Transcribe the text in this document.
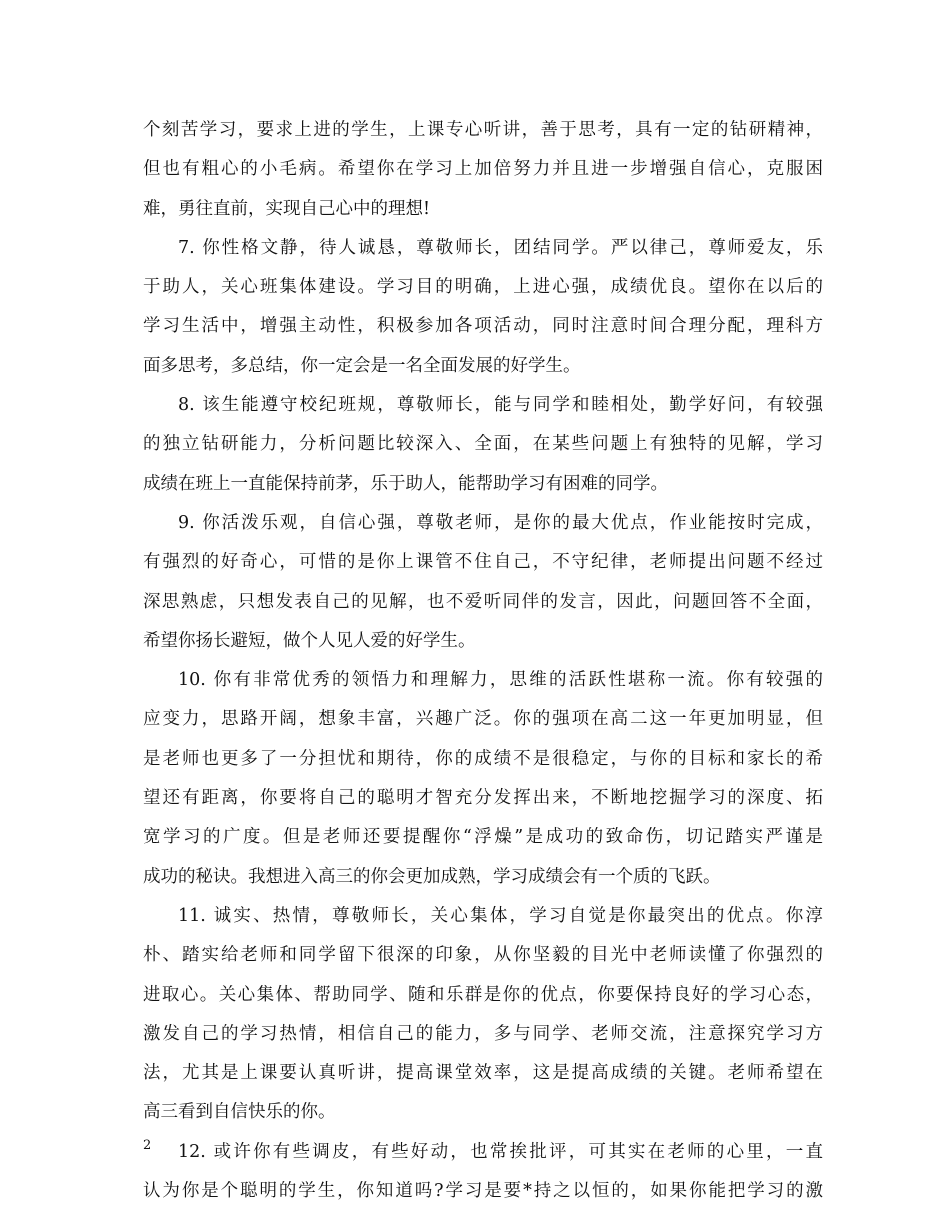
个刻苦学习，要求上进的学生，上课专心听讲，善于思考，具有一定的钻研精神，
但也有粗心的小毛病。希望你在学习上加倍努力并且进一步增强自信心，克服困
难，勇往直前，实现自己心中的理想!
7. 你性格文静，待人诚恳，尊敬师长，团结同学。严以律己，尊师爱友，乐
于助人，关心班集体建设。学习目的明确，上进心强，成绩优良。望你在以后的
学习生活中，增强主动性，积极参加各项活动，同时注意时间合理分配，理科方
面多思考，多总结，你一定会是一名全面发展的好学生。
8. 该生能遵守校纪班规，尊敬师长，能与同学和睦相处，勤学好问，有较强
的独立钻研能力，分析问题比较深入、全面，在某些问题上有独特的见解，学习
成绩在班上一直能保持前茅，乐于助人，能帮助学习有困难的同学。
9. 你活泼乐观，自信心强，尊敬老师，是你的最大优点，作业能按时完成，
有强烈的好奇心，可惜的是你上课管不住自己，不守纪律，老师提出问题不经过
深思熟虑，只想发表自己的见解，也不爱听同伴的发言，因此，问题回答不全面，
希望你扬长避短，做个人见人爱的好学生。
10. 你有非常优秀的领悟力和理解力，思维的活跃性堪称一流。你有较强的
应变力，思路开阔，想象丰富，兴趣广泛。你的强项在高二这一年更加明显，但
是老师也更多了一分担忧和期待，你的成绩不是很稳定，与你的目标和家长的希
望还有距离，你要将自己的聪明才智充分发挥出来，不断地挖掘学习的深度、拓
宽学习的广度。但是老师还要提醒你“浮燥”是成功的致命伤，切记踏实严谨是
成功的秘诀。我想进入高三的你会更加成熟，学习成绩会有一个质的飞跃。
11. 诚实、热情，尊敬师长，关心集体，学习自觉是你最突出的优点。你淳
朴、踏实给老师和同学留下很深的印象，从你坚毅的目光中老师读懂了你强烈的
进取心。关心集体、帮助同学、随和乐群是你的优点，你要保持良好的学习心态，
激发自己的学习热情，相信自己的能力，多与同学、老师交流，注意探究学习方
法，尤其是上课要认真听讲，提高课堂效率，这是提高成绩的关键。老师希望在
高三看到自信快乐的你。
12. 或许你有些调皮，有些好动，也常挨批评，可其实在老师的心里，一直
认为你是个聪明的学生，你知道吗?学习是要*持之以恒的，如果你能把学习的激
2
